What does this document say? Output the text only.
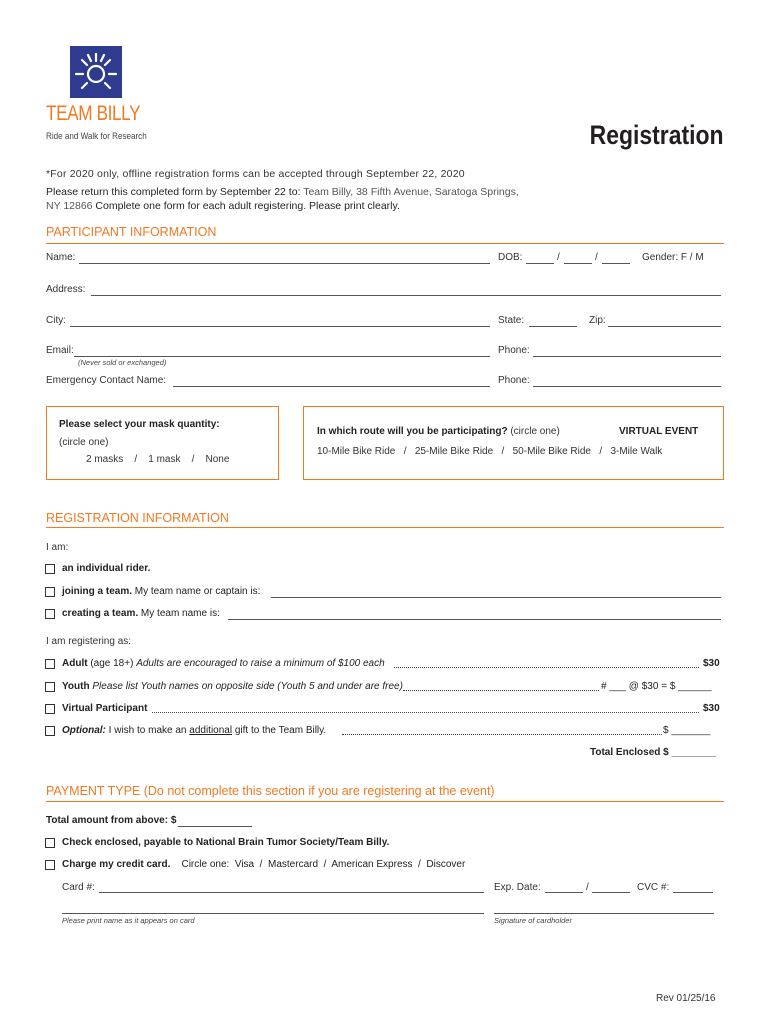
TEAM BILLY
Ride and Walk for Research	Registration
*For 2020 only, offline registration forms can be accepted through September 22, 2020
Please return this completed form by September 22 to: Team Billy, 38 Fifth Avenue, Saratoga Springs,
NY 12866 Complete one form for each adult registering. Please print clearly.
PARTICIPANT INFORMATION
Name:	DOB:	/	/	Gender: F / M
Address:
City:	State:	Zip:
Email:
(Never sold or exchanged)
Phone:
Emergency Contact Name:	Phone:
Please select your mask quantity:
(circle one)
2 masks    /    1 mask    /    None
In which route will you be participating? (circle one)	VIRTUAL EVENT
10-Mile Bike Ride   /   25-Mile Bike Ride   /   50-Mile Bike Ride   /   3-Mile Walk
REGISTRATION INFORMATION
I am:
an individual rider.
joining a team. My team name or captain is:
creating a team. My team name is:
I am registering as:
Adult (age 18+) Adults are encouraged to raise a minimum of $100 each	$30
Youth Please list Youth names on opposite side (Youth 5 and under are free)	# ___ @ $30 = $ ______
Virtual Participant	$30
Optional: I wish to make an additional gift to the Team Billy.	$ _______
Total Enclosed $ ________
PAYMENT TYPE (Do not complete this section if you are registering at the event)
Total amount from above: $
Check enclosed, payable to National Brain Tumor Society/Team Billy.
Charge my credit card.    Circle one:  Visa  /  Mastercard  /  American Express  /  Discover
Card #:	Exp. Date:	/	CVC #:
Please print name as it appears on card	Signature of cardholder
Rev 01/25/16
